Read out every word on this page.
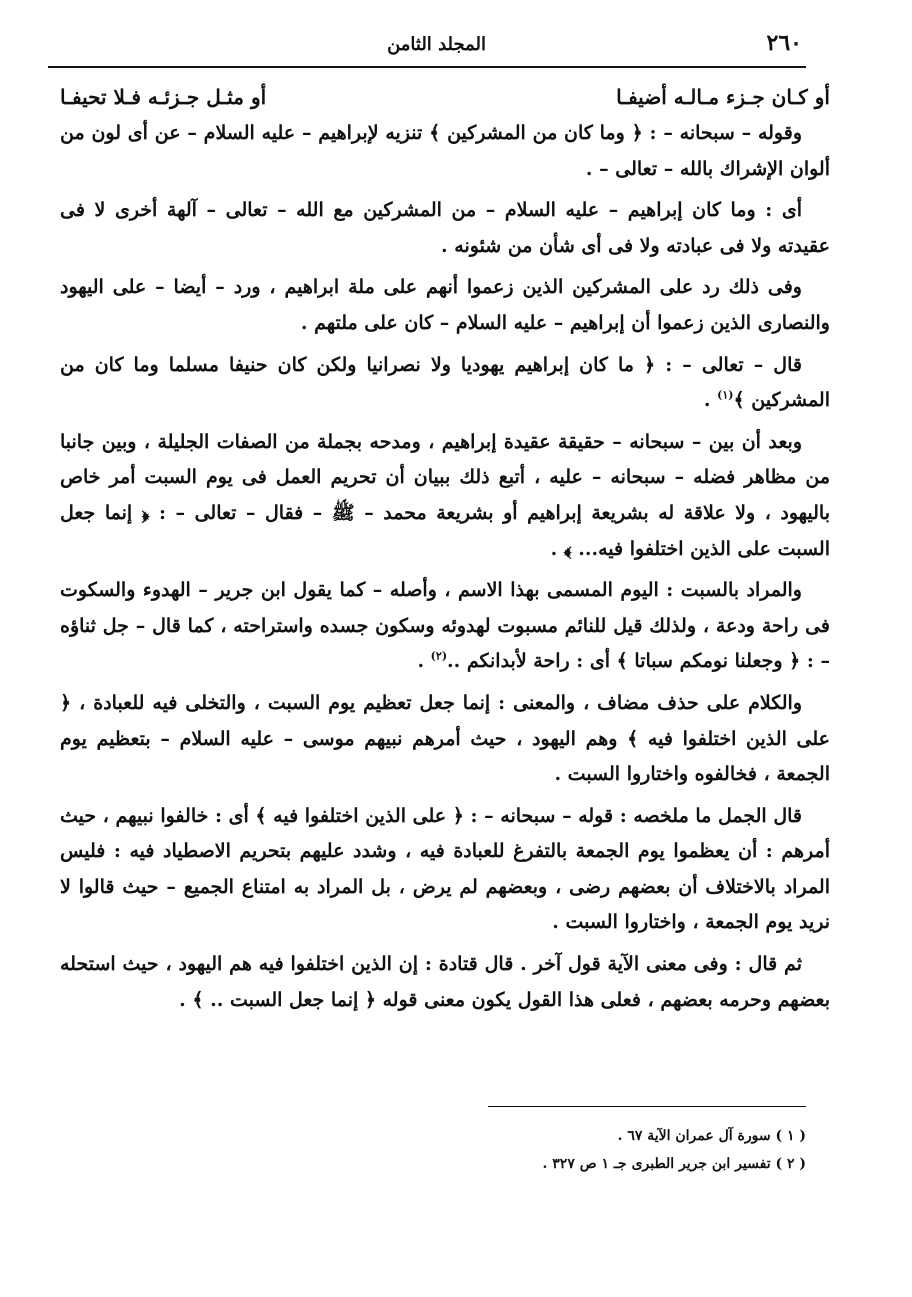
٢٦٠
المجلد الثامن
أو كـان جـزء مـالـه أضيفـا
أو مثـل جـزئـه فـلا تحيفـا

وقوله – سبحانه – : ﴿ وما كان من المشركين ﴾ تنزيه لإبراهيم – عليه السلام – عن أى لون من ألوان الإشراك بالله – تعالى – .

أى : وما كان إبراهيم – عليه السلام – من المشركين مع الله – تعالى – آلهة أخرى لا فى عقيدته ولا فى عبادته ولا فى أى شأن من شئونه .

وفى ذلك رد على المشركين الذين زعموا أنهم على ملة ابراهيم ، ورد – أيضا – على اليهود والنصارى الذين زعموا أن إبراهيم – عليه السلام – كان على ملتهم .

قال – تعالى – : ﴿ ما كان إبراهيم يهوديا ولا نصرانيا ولكن كان حنيفا مسلما وما كان من المشركين ﴾$^{(١)}$ .

وبعد أن بين – سبحانه – حقيقة عقيدة إبراهيم ، ومدحه بجملة من الصفات الجليلة ، وبين جانبا من مظاهر فضله – سبحانه – عليه ، أتبع ذلك ببيان أن تحريم العمل فى يوم السبت أمر خاص باليهود ، ولا علاقة له بشريعة إبراهيم أو بشريعة محمد – ﷺ – فقال – تعالى – : ﴿ إنما جعل السبت على الذين اختلفوا فيه... ﴾ .

والمراد بالسبت : اليوم المسمى بهذا الاسم ، وأصله – كما يقول ابن جرير – الهدوء والسكوت فى راحة ودعة ، ولذلك قيل للنائم مسبوت لهدوئه وسكون جسده واستراحته ، كما قال – جل ثناؤه – : ﴿ وجعلنا نومكم سباتا ﴾ أى : راحة لأبدانكم ..$^{(٢)}$ .

والكلام على حذف مضاف ، والمعنى : إنما جعل تعظيم يوم السبت ، والتخلى فيه للعبادة ، ﴿ على الذين اختلفوا فيه ﴾ وهم اليهود ، حيث أمرهم نبيهم موسى – عليه السلام – بتعظيم يوم الجمعة ، فخالفوه واختاروا السبت .

قال الجمل ما ملخصه : قوله – سبحانه – : ﴿ على الذين اختلفوا فيه ﴾ أى : خالفوا نبيهم ، حيث أمرهم : أن يعظموا يوم الجمعة بالتفرغ للعبادة فيه ، وشدد عليهم بتحريم الاصطياد فيه : فليس المراد بالاختلاف أن بعضهم رضى ، وبعضهم لم يرض ، بل المراد به امتناع الجميع – حيث قالوا لا نريد يوم الجمعة ، واختاروا السبت .

ثم قال : وفى معنى الآية قول آخر . قال قتادة : إن الذين اختلفوا فيه هم اليهود ، حيث استحله بعضهم وحرمه بعضهم ، فعلى هذا القول يكون معنى قوله ﴿ إنما جعل السبت .. ﴾ .

( ١ ) سورة آل عمران الآية ٦٧ .
( ٢ ) تفسير ابن جرير الطبرى جـ ١ ص ٣٢٧ .
